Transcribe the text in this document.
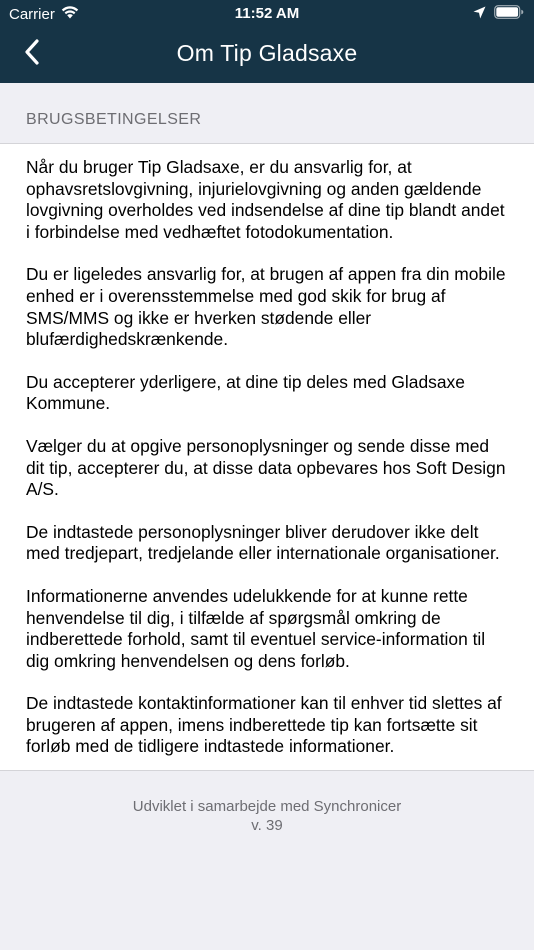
Carrier	11:52 AM
Om Tip Gladsaxe
BRUGSBETINGELSER

Når du bruger Tip Gladsaxe, er du ansvarlig for, at ophavsretslovgivning, injurielovgivning og anden gældende lovgivning overholdes ved indsendelse af dine tip blandt andet i forbindelse med vedhæftet fotodokumentation.

Du er ligeledes ansvarlig for, at brugen af appen fra din mobile enhed er i overensstemmelse med god skik for brug af SMS/MMS og ikke er hverken stødende eller blufærdighedskrænkende.

Du accepterer yderligere, at dine tip deles med Gladsaxe Kommune.

Vælger du at opgive personoplysninger og sende disse med dit tip, accepterer du, at disse data opbevares hos Soft Design A/S.

De indtastede personoplysninger bliver derudover ikke delt med tredjepart, tredjelande eller internationale organisationer.

Informationerne anvendes udelukkende for at kunne rette henvendelse til dig, i tilfælde af spørgsmål omkring de indberettede forhold, samt til eventuel service-information til dig omkring henvendelsen og dens forløb.

De indtastede kontaktinformationer kan til enhver tid slettes af brugeren af appen, imens indberettede tip kan fortsætte sit forløb med de tidligere indtastede informationer.

Udviklet i samarbejde med Synchronicer
v. 39
